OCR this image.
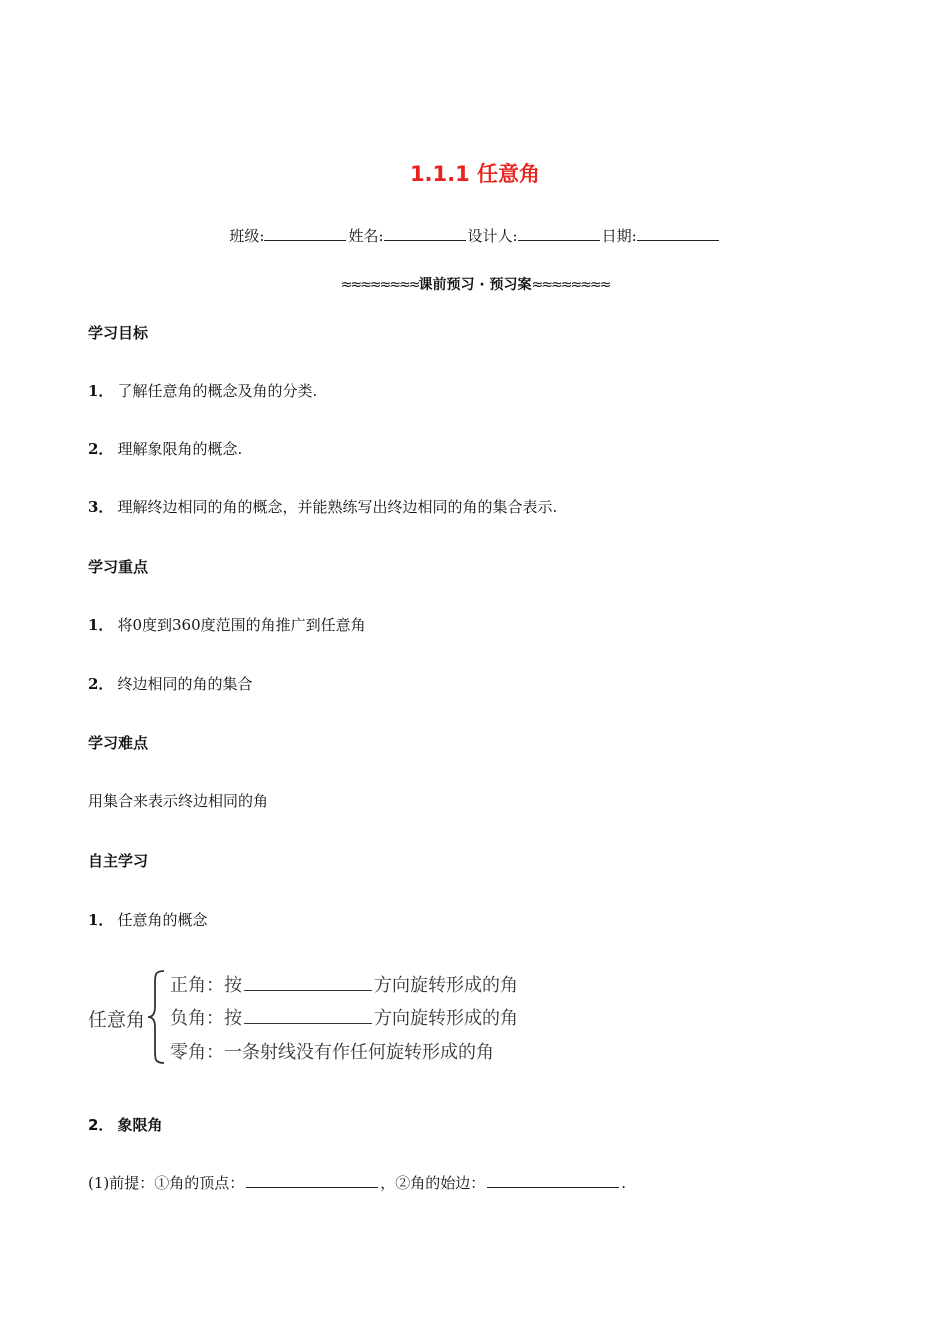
1.1.1 任意角
班级:	姓名:	设计人:	日期:
≈≈≈≈≈≈≈≈课前预习 · 预习案≈≈≈≈≈≈≈≈
学习目标
1． 了解任意角的概念及角的分类.
2． 理解象限角的概念.
3． 理解终边相同的角的概念，并能熟练写出终边相同的角的集合表示.
学习重点
1． 将0度到360度范围的角推广到任意角
2． 终边相同的角的集合
学习难点
用集合来表示终边相同的角
自主学习
1． 任意角的概念
任意角
正角：按	方向旋转形成的角
负角：按	方向旋转形成的角
零角：一条射线没有作任何旋转形成的角
2． 象限角
(1)前提：①角的顶点：	，②角的始边：	.
